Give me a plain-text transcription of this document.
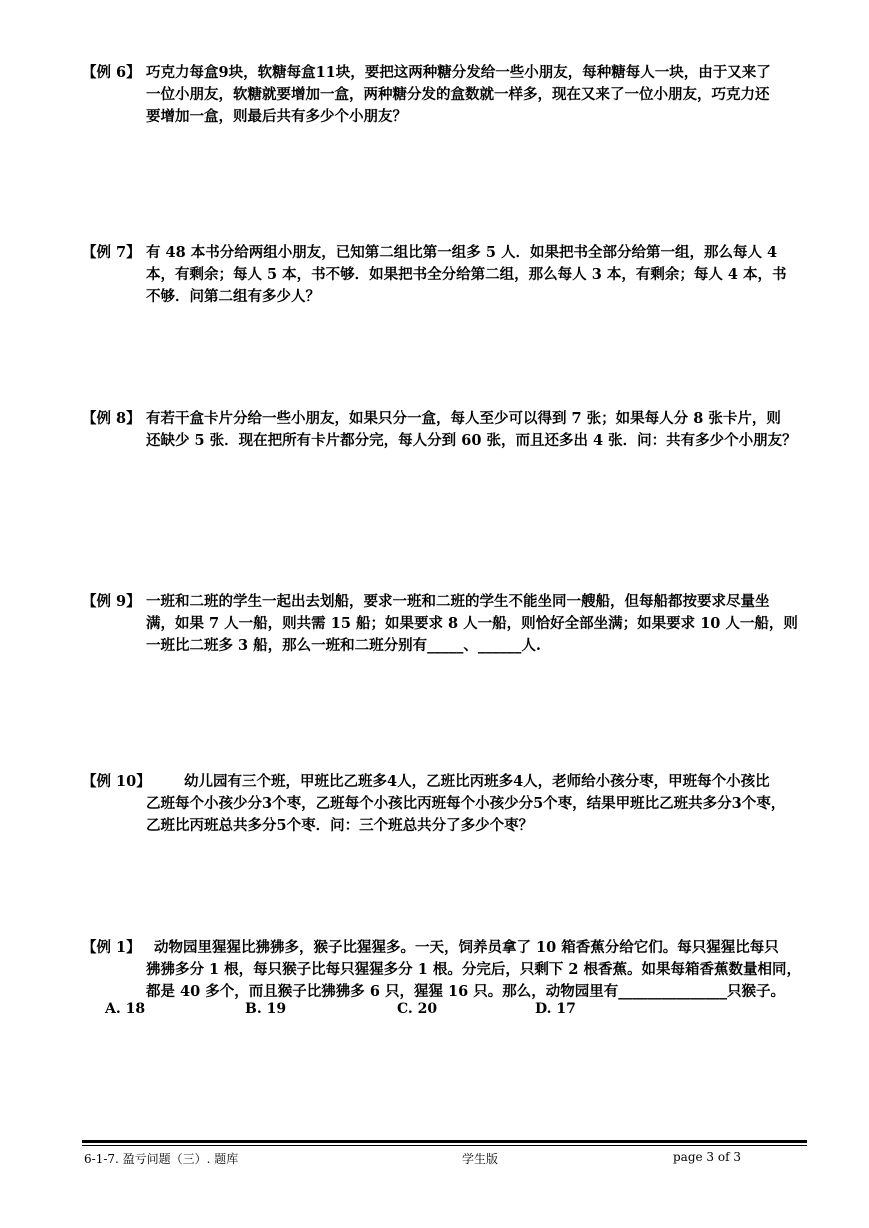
【例 6】 巧克力每盒9块，软糖每盒11块，要把这两种糖分发给一些小朋友，每种糖每人一块，由于又来了
一位小朋友，软糖就要增加一盒，两种糖分发的盒数就一样多，现在又来了一位小朋友，巧克力还
要增加一盒，则最后共有多少个小朋友？
【例 7】 有 48 本书分给两组小朋友，已知第二组比第一组多 5 人．如果把书全部分给第一组，那么每人 4
本，有剩余；每人 5 本，书不够．如果把书全分给第二组，那么每人 3 本，有剩余；每人 4 本，书
不够．问第二组有多少人？
【例 8】 有若干盒卡片分给一些小朋友，如果只分一盒，每人至少可以得到 7 张；如果每人分 8 张卡片，则
还缺少 5 张．现在把所有卡片都分完，每人分到 60 张，而且还多出 4 张．问：共有多少个小朋友？
【例 9】 一班和二班的学生一起出去划船，要求一班和二班的学生不能坐同一艘船，但每船都按要求尽量坐
满，如果 7 人一船，则共需 15 船；如果要求 8 人一船，则恰好全部坐满；如果要求 10 人一船，则
一班比二班多 3 船，那么一班和二班分别有_____、______人.
【例 10】 幼儿园有三个班，甲班比乙班多4人，乙班比丙班多4人，老师给小孩分枣，甲班每个小孩比
乙班每个小孩少分3个枣，乙班每个小孩比丙班每个小孩少分5个枣，结果甲班比乙班共多分3个枣，
乙班比丙班总共多分5个枣．问：三个班总共分了多少个枣？
【例 1】 动物园里猩猩比狒狒多，猴子比猩猩多。一天，饲养员拿了 10 箱香蕉分给它们。每只猩猩比每只
狒狒多分 1 根，每只猴子比每只猩猩多分 1 根。分完后，只剩下 2 根香蕉。如果每箱香蕉数量相同，
都是 40 多个，而且猴子比狒狒多 6 只，猩猩 16 只。那么，动物园里有_______________只猴子。
A. 18	B. 19	C. 20	D. 17
6-1-7. 盈亏问题（三）. 题库	学生版	page 3 of 3
